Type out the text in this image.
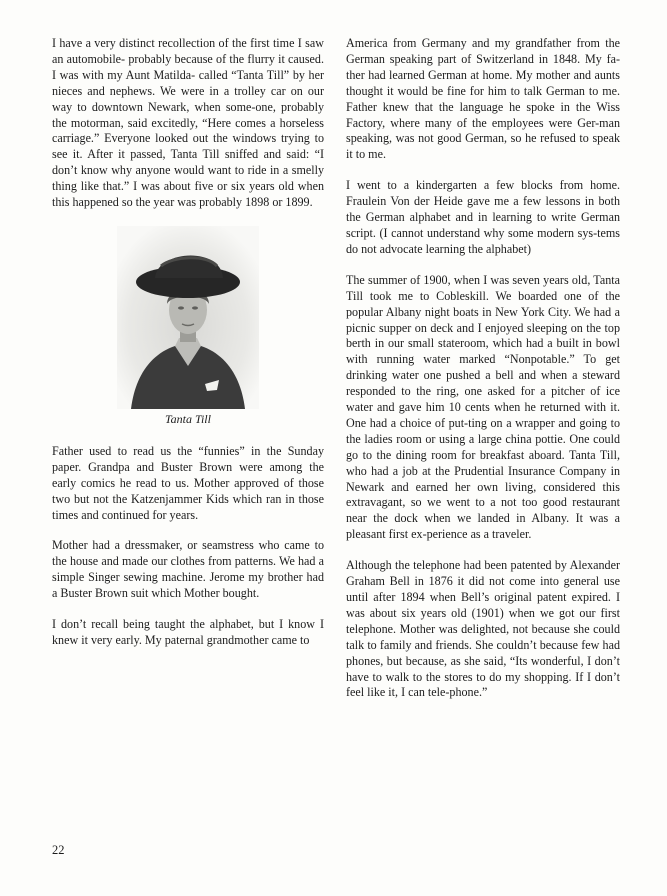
I have a very distinct recollection of the first time I saw an automobile- probably because of the flurry it caused. I was with my Aunt Matilda- called “Tanta Till” by her nieces and nephews. We were in a trolley car on our way to downtown Newark, when some-one, probably the motorman, said excitedly, “Here comes a horseless carriage.” Everyone looked out the windows trying to see it. After it passed, Tanta Till sniffed and said: “I don’t know why anyone would want to ride in a smelly thing like that.” I was about five or six years old when this happened so the year was probably 1898 or 1899.

Tanta Till

Father used to read us the “funnies” in the Sunday paper. Grandpa and Buster Brown were among the early comics he read to us. Mother approved of those two but not the Katzenjammer Kids which ran in those times and continued for years.

Mother had a dressmaker, or seamstress who came to the house and made our clothes from patterns. We had a simple Singer sewing machine. Jerome my brother had a Buster Brown suit which Mother bought.

I don’t recall being taught the alphabet, but I know I knew it very early. My paternal grandmother came to

America from Germany and my grandfather from the German speaking part of Switzerland in 1848. My fa-ther had learned German at home. My mother and aunts thought it would be fine for him to talk German to me. Father knew that the language he spoke in the Wiss Factory, where many of the employees were Ger-man speaking, was not good German, so he refused to speak it to me.

I went to a kindergarten a few blocks from home. Fraulein Von der Heide gave me a few lessons in both the German alphabet and in learning to write German script. (I cannot understand why some modern sys-tems do not advocate learning the alphabet)

The summer of 1900, when I was seven years old, Tanta Till took me to Cobleskill. We boarded one of the popular Albany night boats in New York City. We had a picnic supper on deck and I enjoyed sleeping on the top berth in our small stateroom, which had a built in bowl with running water marked “Nonpotable.” To get drinking water one pushed a bell and when a steward responded to the ring, one asked for a pitcher of ice water and gave him 10 cents when he returned with it. One had a choice of put-ting on a wrapper and going to the ladies room or using a large china pottie. One could go to the dining room for breakfast aboard. Tanta Till, who had a job at the Prudential Insurance Company in Newark and earned her own living, considered this extravagant, so we went to a not too good restaurant near the dock when we landed in Albany. It was a pleasant first ex-perience as a traveler.

Although the telephone had been patented by Alexander Graham Bell in 1876 it did not come into general use until after 1894 when Bell’s original patent expired. I was about six years old (1901) when we got our first telephone. Mother was delighted, not because she could talk to family and friends. She couldn’t because few had phones, but because, as she said, “Its wonderful, I don’t have to walk to the stores to do my shopping. If I don’t feel like it, I can tele-phone.”

22
